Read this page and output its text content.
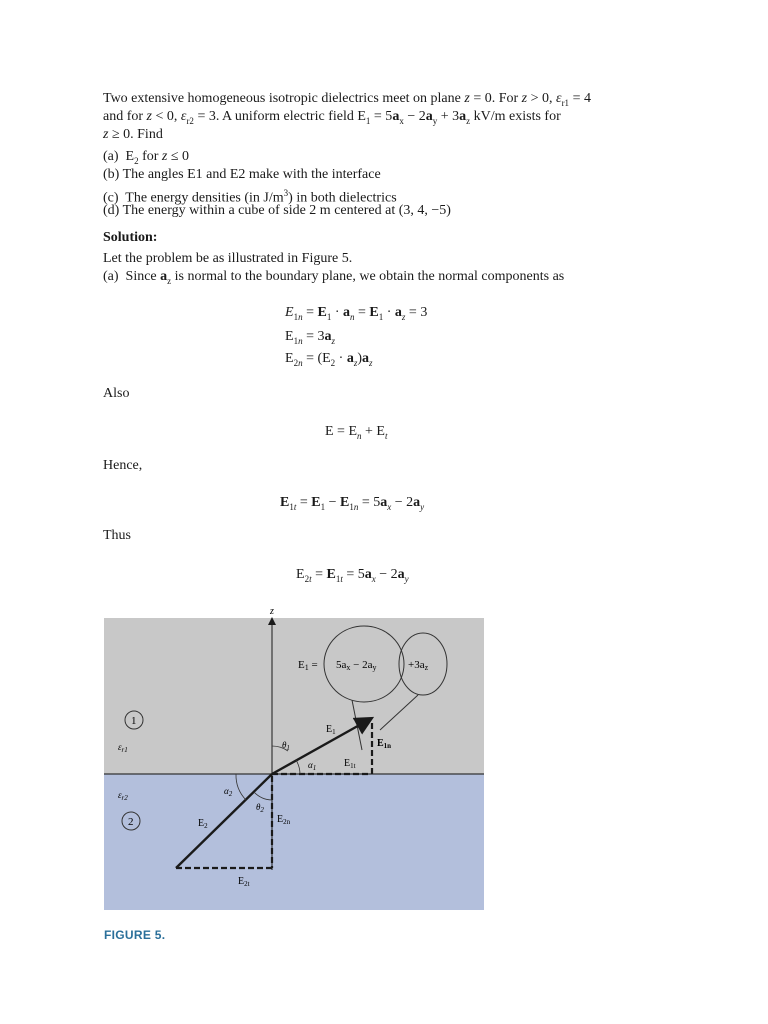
Two extensive homogeneous isotropic dielectrics meet on plane z = 0. For z > 0, $\varepsilon_{r1} = 4$
and for z < 0, $\varepsilon_{r2} = 3$. A uniform electric field $E_1 = 5a_x - 2a_y + 3a_z$ kV/m exists for
z ≥ 0. Find
(a)  $E_2$ for z ≤ 0
(b) The angles E1 and E2 make with the interface
(c)  The energy densities (in $J/m^3$) in both dielectrics
(d) The energy within a cube of side 2 m centered at (3, 4, −5)
Solution:
Let the problem be as illustrated in Figure 5.
(a)  Since $a_z$ is normal to the boundary plane, we obtain the normal components as
$E_{1n} = E_1 \cdot a_n = E_1 \cdot a_z = 3$
$E_{1n} = 3a_z$
$E_{2n} = (E_2 \cdot a_z)a_z$
Also
$E = E_n + E_t$
Hence,
$E_{1t} = E_1 - E_{1n} = 5a_x - 2a_y$
Thus
$E_{2t} = E_{1t} = 5a_x - 2a_y$
z
E1 = 5ax − 2ay	+3az
1
$\varepsilon_{r1}$
$\varepsilon_{r2}$
2
$E_1$
$E_{1n}$
$E_{1t}$
$\theta_1$
$\alpha_1$
$E_2$
$E_{2n}$
$E_{2t}$
$\theta_2$
$\alpha_2$
FIGURE 5.
